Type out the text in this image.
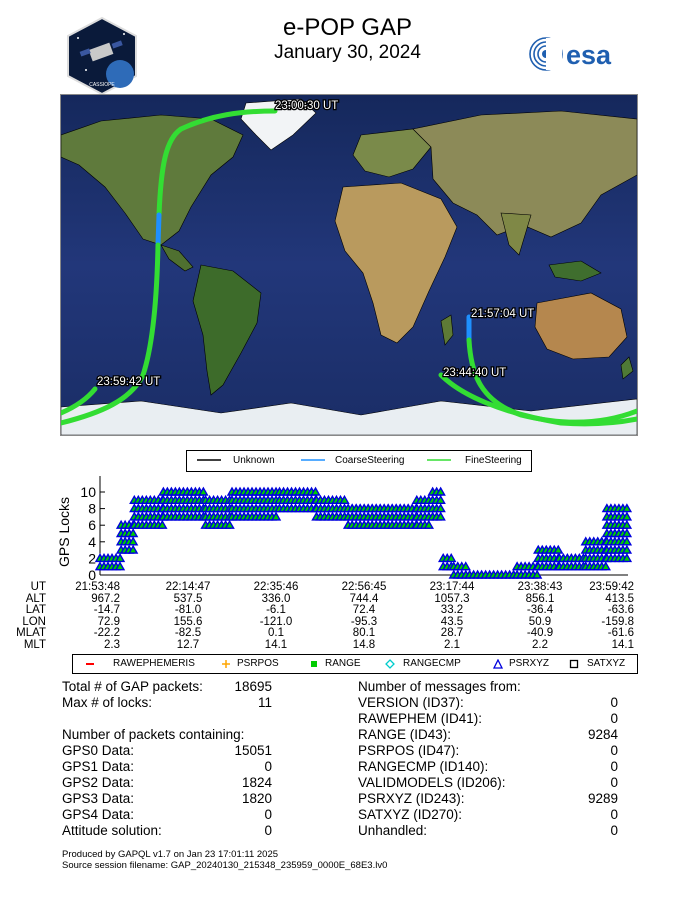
e-POP GAP
January 30, 2024
CASSIOPE
esa
23:00:30 UT
21:57:04 UT
23:59:42 UT
23:44:40 UT
Unknown	CoarseSteering	FineSteering
GPS Locks
0
2
4
6
8
10
UT	21:53:48	22:14:47	22:35:46	22:56:45	23:17:44	23:38:43	23:59:42
ALT	967.2	537.5	336.0	744.4	1057.3	856.1	413.5
LAT	-14.7	-81.0	-6.1	72.4	33.2	-36.4	-63.6
LON	72.9	155.6	-121.0	-95.3	43.5	50.9	-159.8
MLAT	-22.2	-82.5	0.1	80.1	28.7	-40.9	-61.6
MLT	2.3	12.7	14.1	14.8	2.1	2.2	14.1
RAWEPHEMERIS	PSRPOS	RANGE	RANGECMP	PSRXYZ	SATXYZ
Total # of GAP packets: 18695
Max # of locks:	11
Number of packets containing:
GPS0 Data:	15051
GPS1 Data:	0
GPS2 Data:	1824
GPS3 Data:	1820
GPS4 Data:	0
Attitude solution:	0
Number of messages from:
VERSION (ID37):	0
RAWEPHEM (ID41):	0
RANGE (ID43):	9284
PSRPOS (ID47):	0
RANGECMP (ID140):	0
VALIDMODELS (ID206):	0
PSRXYZ (ID243):	9289
SATXYZ (ID270):	0
Unhandled:	0
Produced by GAPQL v1.7 on Jan 23 17:01:11 2025
Source session filename: GAP_20240130_215348_235959_0000E_68E3.lv0
